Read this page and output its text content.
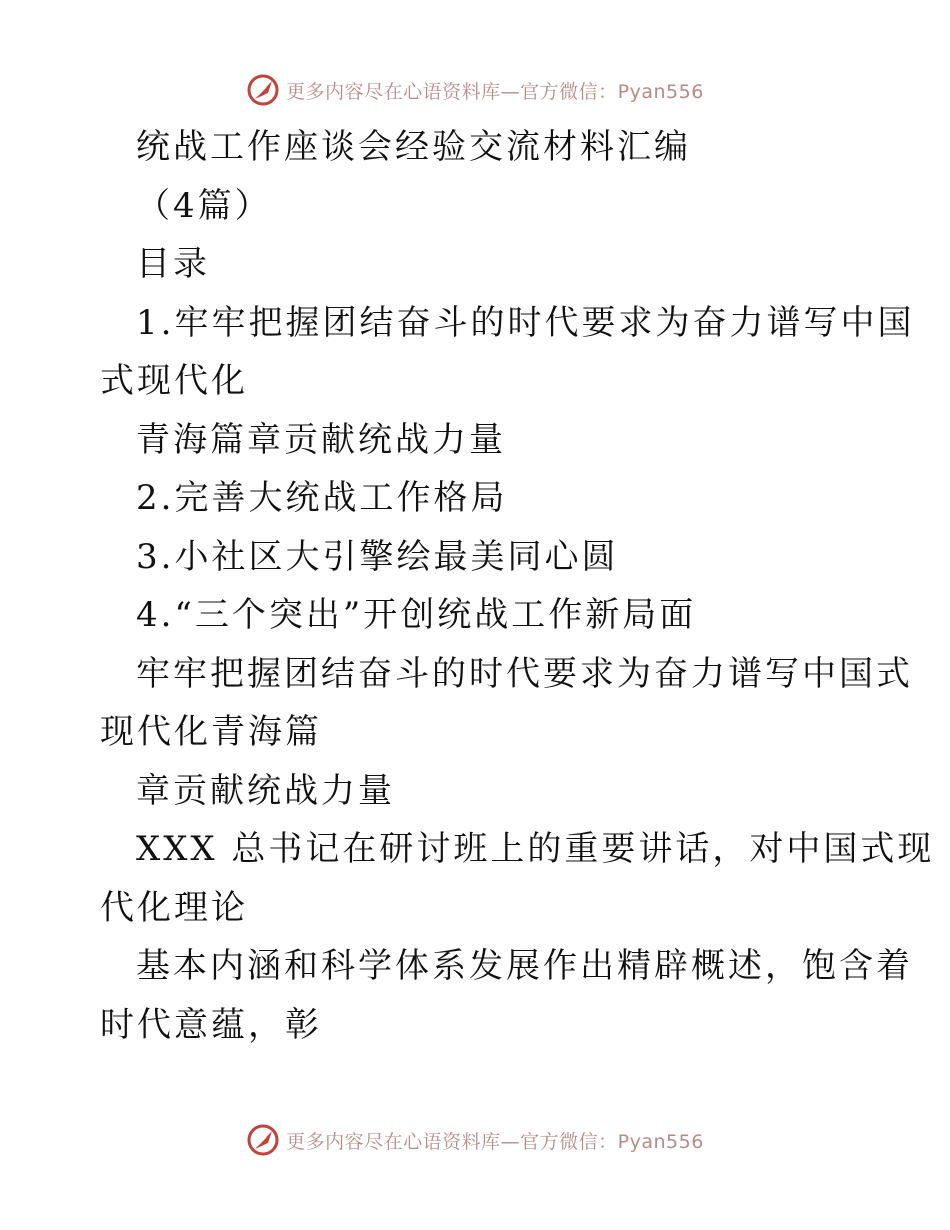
更多内容尽在心语资料库—官方微信：Pyan556
统战工作座谈会经验交流材料汇编
（4篇）
目录
1.牢牢把握团结奋斗的时代要求为奋力谱写中国
式现代化
青海篇章贡献统战力量
2.完善大统战工作格局
3.小社区大引擎绘最美同心圆
4.“三个突出”开创统战工作新局面
牢牢把握团结奋斗的时代要求为奋力谱写中国式
现代化青海篇
章贡献统战力量
XXX 总书记在研讨班上的重要讲话，对中国式现
代化理论
基本内涵和科学体系发展作出精辟概述，饱含着
时代意蕴，彰
更多内容尽在心语资料库—官方微信：Pyan556
